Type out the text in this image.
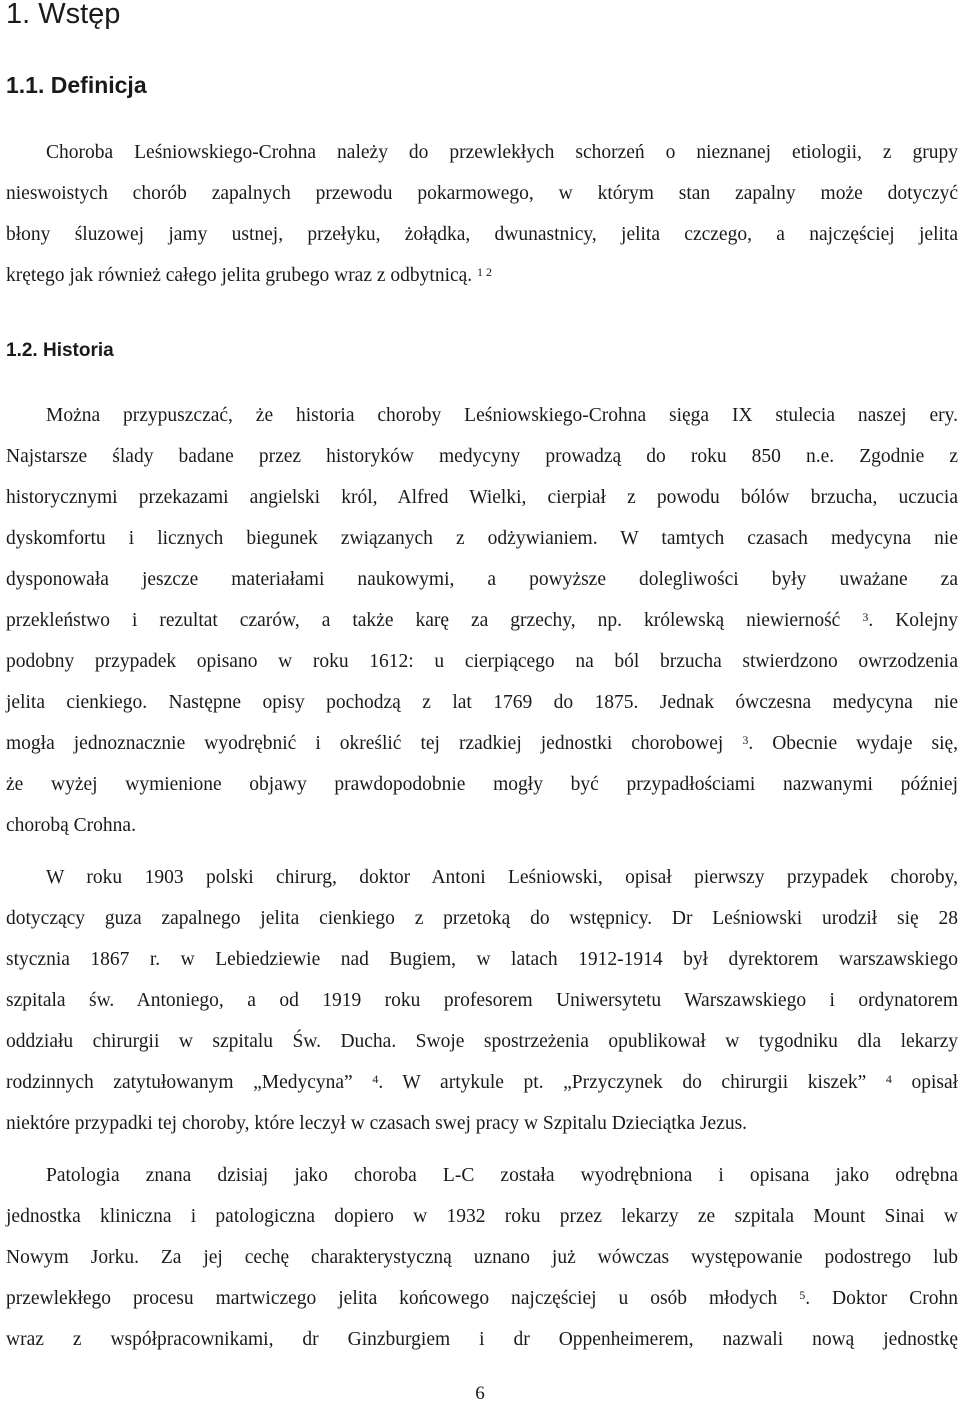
1. Wstęp
1.1. Definicja
Choroba Leśniowskiego-Crohna należy do przewlekłych schorzeń o nieznanej etiologii, z grupy
nieswoistych chorób zapalnych przewodu pokarmowego, w którym stan zapalny może dotyczyć
błony śluzowej jamy ustnej, przełyku, żołądka, dwunastnicy, jelita czczego, a najczęściej jelita
krętego jak również całego jelita grubego wraz z odbytnicą. $^{1 2}$
1.2. Historia
Można przypuszczać, że historia choroby Leśniowskiego-Crohna sięga IX stulecia naszej ery.
Najstarsze ślady badane przez historyków medycyny prowadzą do roku 850 n.e. Zgodnie z
historycznymi przekazami angielski król, Alfred Wielki, cierpiał z powodu bólów brzucha, uczucia
dyskomfortu i licznych biegunek związanych z odżywianiem. W tamtych czasach medycyna nie
dysponowała jeszcze materiałami naukowymi, a powyższe dolegliwości były uważane za
przekleństwo i rezultat czarów, a także karę za grzechy, np. królewską niewierność $^3$. Kolejny
podobny przypadek opisano w roku 1612: u cierpiącego na ból brzucha stwierdzono owrzodzenia
jelita cienkiego. Następne opisy pochodzą z lat 1769 do 1875. Jednak ówczesna medycyna nie
mogła jednoznacznie wyodrębnić i określić tej rzadkiej jednostki chorobowej $^3$. Obecnie wydaje się,
że wyżej wymienione objawy prawdopodobnie mogły być przypadłościami nazwanymi później
chorobą Crohna.
W roku 1903 polski chirurg, doktor Antoni Leśniowski, opisał pierwszy przypadek choroby,
dotyczący guza zapalnego jelita cienkiego z przetoką do wstępnicy. Dr Leśniowski urodził się 28
stycznia 1867 r. w Lebiedziewie nad Bugiem, w latach 1912-1914 był dyrektorem warszawskiego
szpitala św. Antoniego, a od 1919 roku profesorem Uniwersytetu Warszawskiego i ordynatorem
oddziału chirurgii w szpitalu Św. Ducha. Swoje spostrzeżenia opublikował w tygodniku dla lekarzy
rodzinnych zatytułowanym „Medycyna” $^4$. W artykule pt. „Przyczynek do chirurgii kiszek” $^4$ opisał
niektóre przypadki tej choroby, które leczył w czasach swej pracy w Szpitalu Dzieciątka Jezus.
Patologia znana dzisiaj jako choroba L-C została wyodrębniona i opisana jako odrębna
jednostka kliniczna i patologiczna dopiero w 1932 roku przez lekarzy ze szpitala Mount Sinai w
Nowym Jorku. Za jej cechę charakterystyczną uznano już wówczas występowanie podostrego lub
przewlekłego procesu martwiczego jelita końcowego najczęściej u osób młodych $^5$. Doktor Crohn
wraz z współpracownikami, dr Ginzburgiem i dr Oppenheimerem, nazwali nową jednostkę
6
